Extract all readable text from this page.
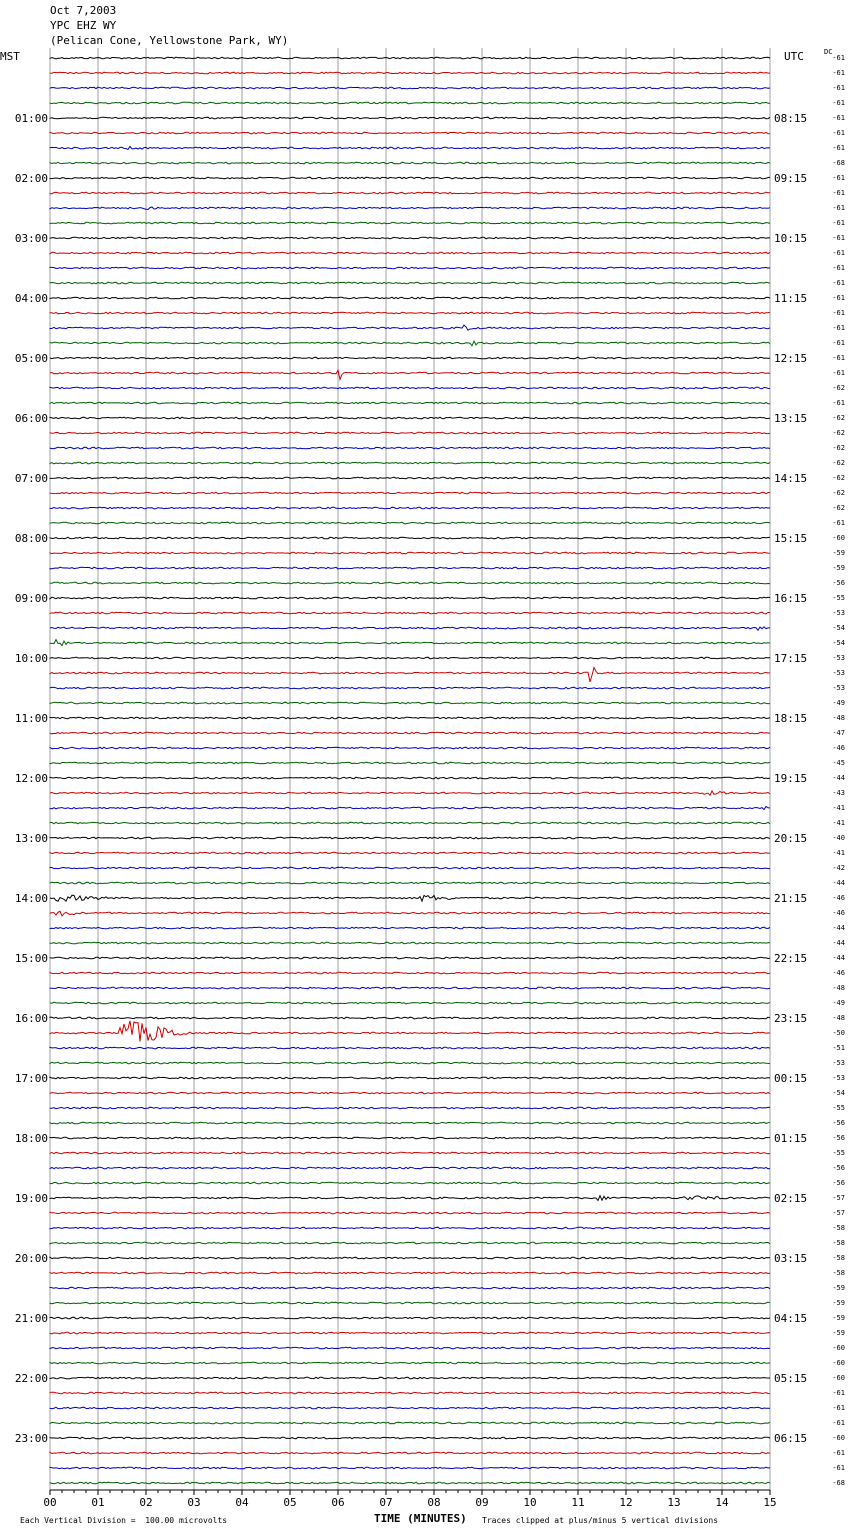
Oct 7,2003
YPC EHZ WY
(Pelican Cone, Yellowstone Park, WY)
MST	UTC	DC
-61
-61
-61
-61
-61
-61
-61
-68
-61
-61
-61
-61
-61
-61
-61
-61
-61
-61
-61
-61
-61
-61
-62
-61
-62
-62
-62
-62
-62
-62
-62
-61
-60
-59
-59
-56
-55
-53
-54
-54
-53
-53
-53
-49
-48
-47
-46
-45
-44
-43
-41
-41
-40
-41
-42
-44
-46
-46
-44
-44
-44
-46
-48
-49
-48
-50
-51
-53
-53
-54
-55
-56
-56
-55
-56
-56
-57
-57
-58
-58
-58
-58
-59
-59
-59
-59
-60
-60
-60
-61
-61
-61
-60
-61
-61
-68
01:00
02:00
03:00
04:00
05:00
06:00
07:00
08:00
09:00
10:00
11:00
12:00
13:00
14:00
15:00
16:00
17:00
18:00
19:00
20:00
21:00
22:00
23:00
08:15
09:15
10:15
11:15
12:15
13:15
14:15
15:15
16:15
17:15
18:15
19:15
20:15
21:15
22:15
23:15
00:15
01:15
02:15
03:15
04:15
05:15
06:15
00	01	02	03	04	05	06	07	08	09	10	11	12	13	14	15
Each Vertical Division =  100.00 microvolts	TIME (MINUTES) Traces clipped at plus/minus 5 vertical divisions
